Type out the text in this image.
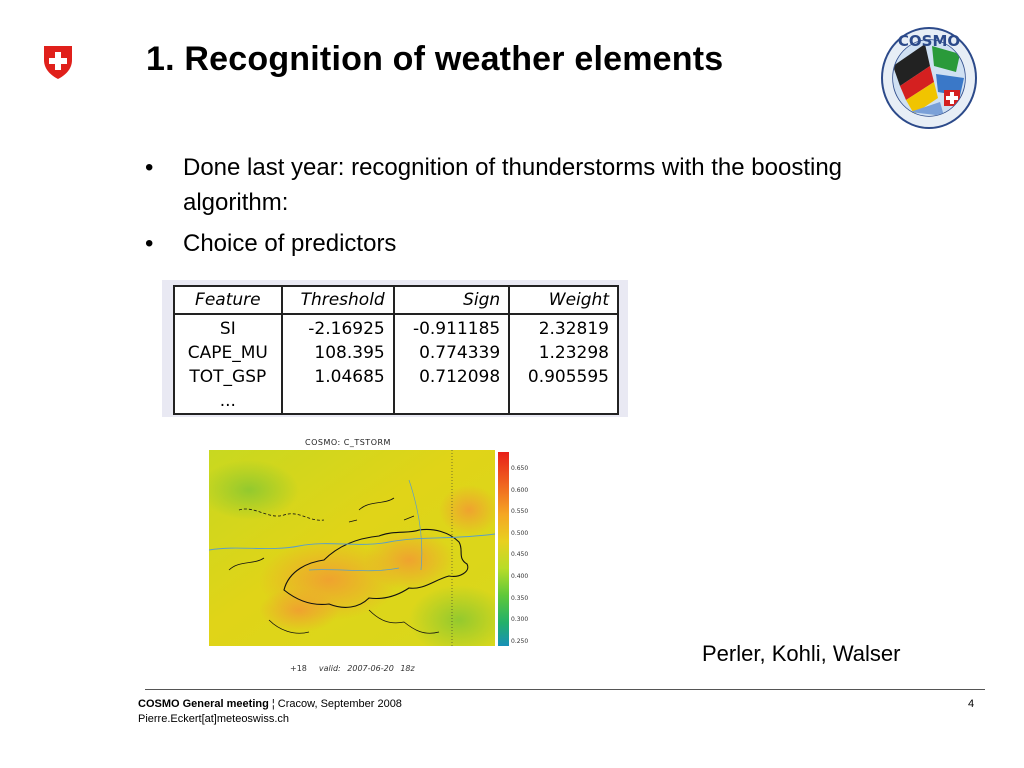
1. Recognition of weather elements	COSMO
• Done last year: recognition of thunderstorms with the boosting algorithm:
• Choice of predictors
Feature	Threshold	Sign	Weight
SI	-2.16925	-0.911185	2.32819
CAPE_MU	108.395	0.774339	1.23298
TOT_GSP	1.04685	0.712098	0.905595
...			
COSMO: C_TSTORM
0.650
0.600
0.550
0.500
0.450
0.400
0.350
0.300
0.250
+18 valid: 2007-06-20 18z
Perler, Kohli, Walser
COSMO General meeting ¦ Cracow, September 2008
Pierre.Eckert[at]meteoswiss.ch
4
